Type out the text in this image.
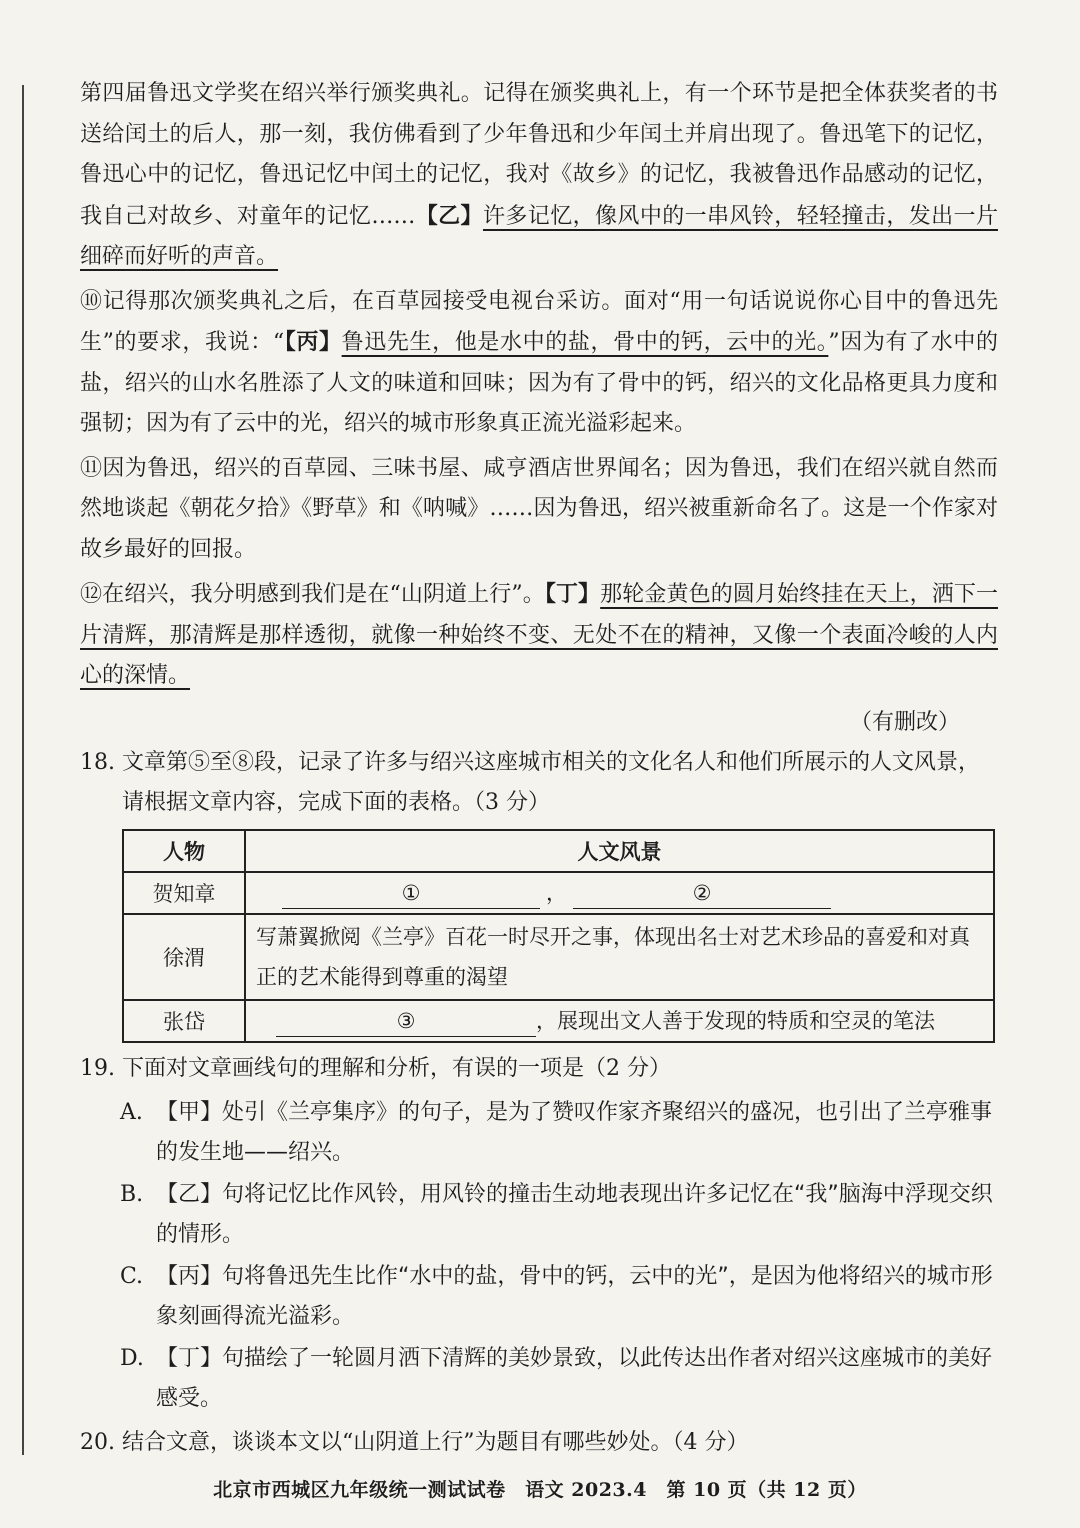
第四届鲁迅文学奖在绍兴举行颁奖典礼。记得在颁奖典礼上，有一个环节是把全体获奖者的书送给闰土的后人，那一刻，我仿佛看到了少年鲁迅和少年闰土并肩出现了。鲁迅笔下的记忆，鲁迅心中的记忆，鲁迅记忆中闰土的记忆，我对《故乡》的记忆，我被鲁迅作品感动的记忆，我自己对故乡、对童年的记忆……【乙】许多记忆，像风中的一串风铃，轻轻撞击，发出一片细碎而好听的声音。

⑩记得那次颁奖典礼之后，在百草园接受电视台采访。面对“用一句话说说你心目中的鲁迅先生”的要求，我说：“【丙】鲁迅先生，他是水中的盐，骨中的钙，云中的光。”因为有了水中的盐，绍兴的山水名胜添了人文的味道和回味；因为有了骨中的钙，绍兴的文化品格更具力度和强韧；因为有了云中的光，绍兴的城市形象真正流光溢彩起来。

⑪因为鲁迅，绍兴的百草园、三味书屋、咸亨酒店世界闻名；因为鲁迅，我们在绍兴就自然而然地谈起《朝花夕拾》《野草》和《呐喊》……因为鲁迅，绍兴被重新命名了。这是一个作家对故乡最好的回报。

⑫在绍兴，我分明感到我们是在“山阴道上行”。【丁】那轮金黄色的圆月始终挂在天上，洒下一片清辉，那清辉是那样透彻，就像一种始终不变、无处不在的精神，又像一个表面冷峻的人内心的深情。

（有删改）
18. 文章第⑤至⑧段，记录了许多与绍兴这座城市相关的文化名人和他们所展示的人文风景，请根据文章内容，完成下面的表格。（3 分）
人物	人文风景
贺知章	① ， ②
徐渭	写萧翼掀阅《兰亭》百花一时尽开之事，体现出名士对艺术珍品的喜爱和对真正的艺术能得到尊重的渴望
张岱	③ ，展现出文人善于发现的特质和空灵的笔法
19. 下面对文章画线句的理解和分析，有误的一项是（2 分）
A. 【甲】处引《兰亭集序》的句子，是为了赞叹作家齐聚绍兴的盛况，也引出了兰亭雅事的发生地——绍兴。
B. 【乙】句将记忆比作风铃，用风铃的撞击生动地表现出许多记忆在“我”脑海中浮现交织的情形。
C. 【丙】句将鲁迅先生比作“水中的盐，骨中的钙，云中的光”，是因为他将绍兴的城市形象刻画得流光溢彩。
D. 【丁】句描绘了一轮圆月洒下清辉的美妙景致，以此传达出作者对绍兴这座城市的美好感受。
20. 结合文意，谈谈本文以“山阴道上行”为题目有哪些妙处。（4 分）
北京市西城区九年级统一测试试卷　语文 2023.4　第 10 页（共 12 页）
